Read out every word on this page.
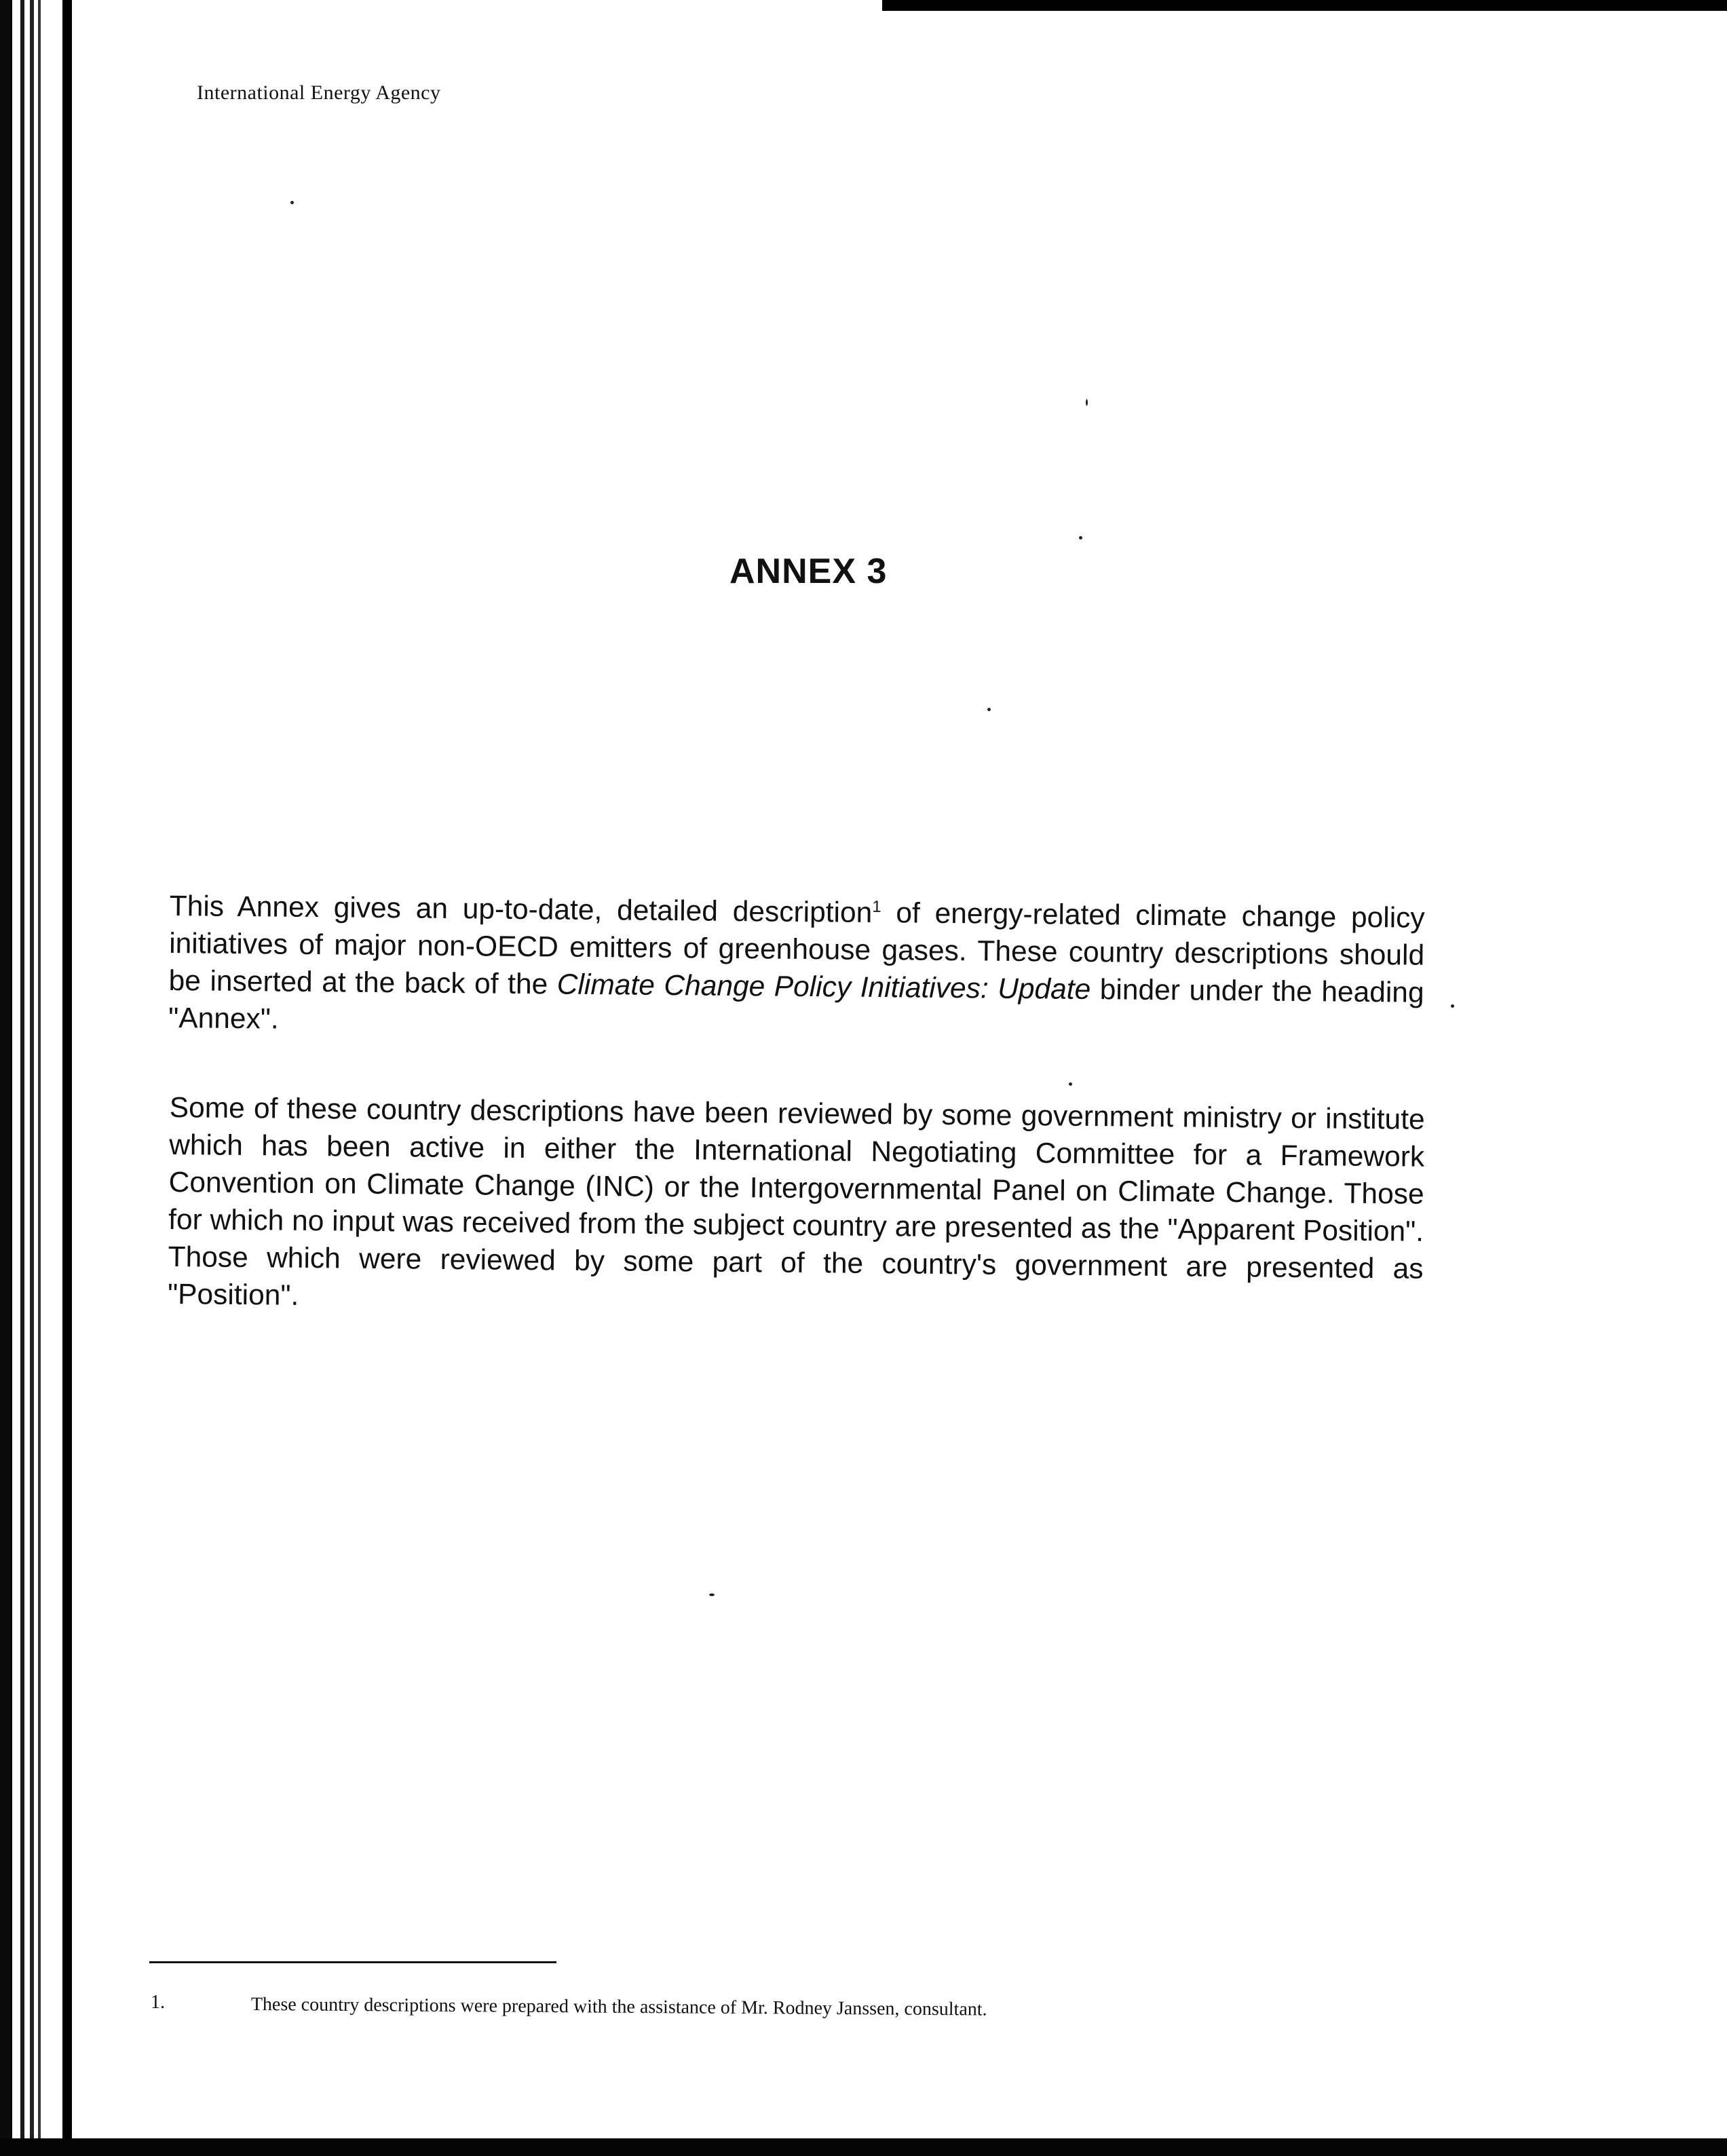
International Energy Agency
ANNEX 3
This Annex gives an up-to-date, detailed description$^1$ of energy-related climate change policy initiatives of major non-OECD emitters of greenhouse gases. These country descriptions should be inserted at the back of the Climate Change Policy Initiatives: Update binder under the heading "Annex".
Some of these country descriptions have been reviewed by some government ministry or institute which has been active in either the International Negotiating Committee for a Framework Convention on Climate Change (INC) or the Intergovernmental Panel on Climate Change. Those for which no input was received from the subject country are presented as the "Apparent Position". Those which were reviewed by some part of the country's government are presented as "Position".
1.	These country descriptions were prepared with the assistance of Mr. Rodney Janssen, consultant.
